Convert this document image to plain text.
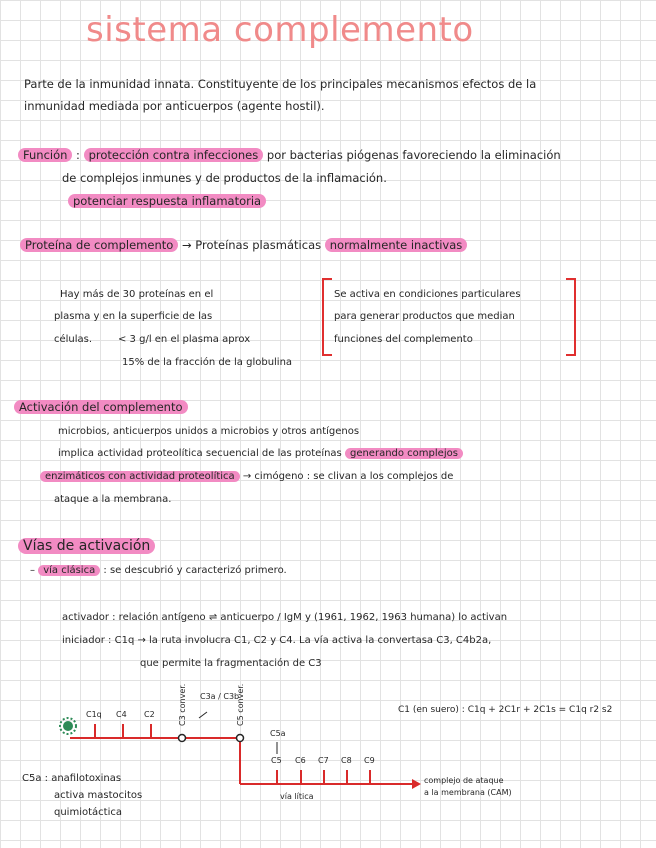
sistema complemento
Parte de la inmunidad innata. Constituyente de los principales mecanismos efectos de la
inmunidad mediada por anticuerpos (agente hostil).
Función : protección contra infecciones por bacterias piógenas favoreciendo la eliminación
de complejos inmunes y de productos de la inflamación.
potenciar respuesta inflamatoria
Proteína de complemento → Proteínas plasmáticas normalmente inactivas
Hay más de 30 proteínas en el
plasma y en la superficie de las
células.	< 3 g/l en el plasma aprox
15% de la fracción de la globulina
Se activa en condiciones particulares
para generar productos que median
funciones del complemento
Activación del complemento
microbios, anticuerpos unidos a microbios y otros antígenos
implica actividad proteolítica secuencial de las proteínas generando complejos
enzimáticos con actividad proteolítica → cimógeno : se clivan a los complejos de
ataque a la membrana.
Vías de activación
– vía clásica : se descubrió y caracterizó primero.
activador : relación antígeno ⇌ anticuerpo / IgM y (1961, 1962, 1963 humana) lo activan
iniciador : C1q → la ruta involucra C1, C2 y C4. La vía activa la convertasa C3, C4b2a,
que permite la fragmentación de C3
C1 (en suero) : C1q + 2C1r + 2C1s = C1q r2 s2
C1q C4 C2	C3 conver.	C3a / C3b
C5 conver.
C5a
C5 C6 C7 C8 C9
vía lítica
complejo de ataque
a la membrana (CAM)
C5a : anafilotoxinas
activa mastocitos
quimiotáctica
